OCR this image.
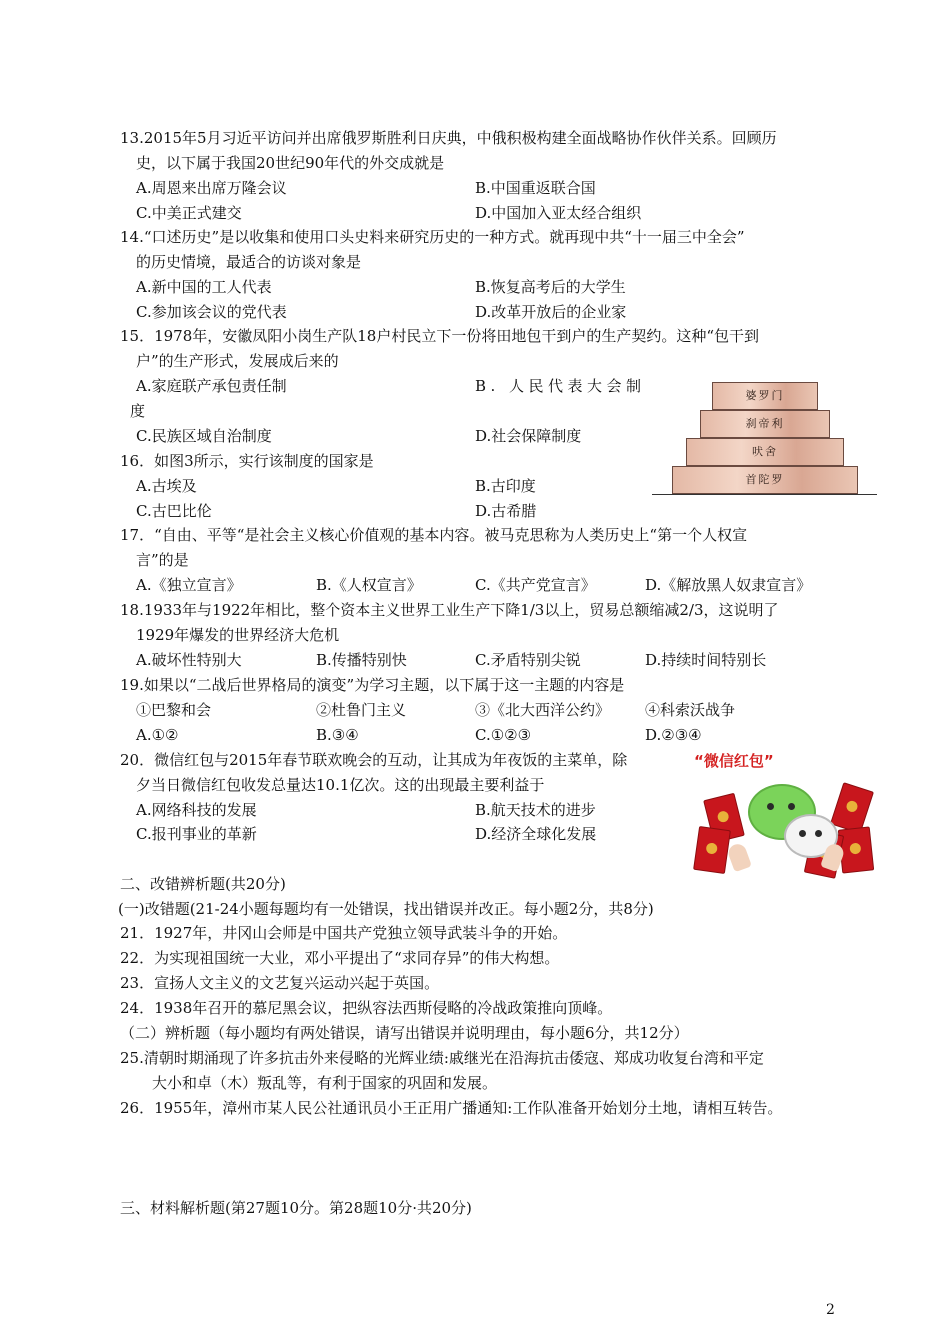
13.2015年5月习近平访问并出席俄罗斯胜利日庆典，中俄积极构建全面战略协作伙伴关系。回顾历
史，以下属于我国20世纪90年代的外交成就是
A.周恩来出席万隆会议	B.中国重返联合国
C.中美正式建交	D.中国加入亚太经合组织
14.“口述历史”是以收集和使用口头史料来研究历史的一种方式。就再现中共“十一届三中全会”
的历史情境，最适合的访谈对象是
A.新中国的工人代表	B.恢复高考后的大学生
C.参加该会议的党代表	D.改革开放后的企业家
15．1978年，安徽凤阳小岗生产队18户村民立下一份将田地包干到户的生产契约。这种“包干到
户”的生产形式，发展成后来的
A.家庭联产承包责任制	B. 人民代表大会制
度
C.民族区域自治制度	D.社会保障制度
婆罗门
刹帝利
吠舍
首陀罗
16．如图3所示，实行该制度的国家是
A.古埃及	B.古印度
C.古巴比伦	D.古希腊
17．“自由、平等“是社会主义核心价值观的基本内容。被马克思称为人类历史上“第一个人权宣
言”的是
A.《独立宣言》	B.《人权宣言》	C.《共产党宣言》	D.《解放黑人奴隶宣言》
18.1933年与1922年相比，整个资本主义世界工业生产下降1/3以上，贸易总额缩减2/3，这说明了
1929年爆发的世界经济大危机
A.破坏性特别大	B.传播特别快	C.矛盾特别尖锐	D.持续时间特别长
19.如果以“二战后世界格局的演变”为学习主题，以下属于这一主题的内容是
①巴黎和会	②杜鲁门主义	③《北大西洋公约》 ④科索沃战争
A.①②	B.③④	C.①②③	D.②③④
20．微信红包与2015年春节联欢晚会的互动，让其成为年夜饭的主菜单，除
夕当日微信红包收发总量达10.1亿次。这的出现最主要利益于
A.网络科技的发展	B.航天技术的进步
C.报刊事业的革新	D.经济全球化发展
“微信红包”
二、改错辨析题(共20分)
(一)改错题(21-24小题每题均有一处错误，找出错误并改正。每小题2分，共8分)
21．1927年，井冈山会师是中国共产党独立领导武装斗争的开始。
22．为实现祖国统一大业，邓小平提出了“求同存异”的伟大构想。
23．宣扬人文主义的文艺复兴运动兴起于英国。
24．1938年召开的慕尼黑会议，把纵容法西斯侵略的冷战政策推向顶峰。
（二）辨析题（每小题均有两处错误，请写出错误并说明理由，每小题6分，共12分）
25.清朝时期涌现了许多抗击外来侵略的光辉业绩:戚继光在沿海抗击倭寇、郑成功收复台湾和平定
大小和卓（木）叛乱等，有利于国家的巩固和发展。
26．1955年，漳州市某人民公社通讯员小王正用广播通知:工作队准备开始划分土地，请相互转告。
三、材料解析题(第27题10分。第28题10分·共20分)
2
